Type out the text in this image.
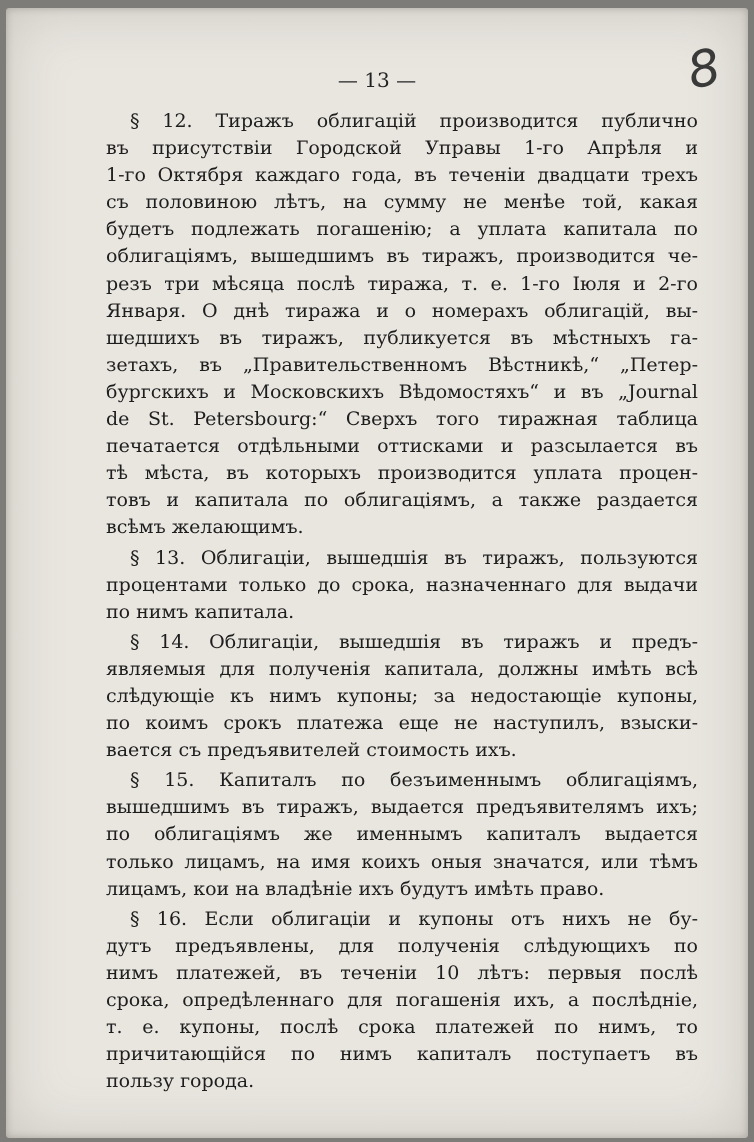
— 13 —	8
§ 12. Тиражъ облигацій производится публично
въ присутствіи Городской Управы 1-го Апрѣля и
1-го Октября каждаго года, въ теченіи двадцати трехъ
съ половиною лѣтъ, на сумму не менѣе той, какая
будетъ подлежать погашенію; а уплата капитала по
облигаціямъ, вышедшимъ въ тиражъ, производится че-
резъ три мѣсяца послѣ тиража, т. е. 1-го Іюля и 2-го
Января. О днѣ тиража и о номерахъ облигацій, вы-
шедшихъ въ тиражъ, публикуется въ мѣстныхъ га-
зетахъ, въ „Правительственномъ Вѣстникѣ,“ „Петер-
бургскихъ и Московскихъ Вѣдомостяхъ“ и въ „Journal
de St. Petersbourg:“ Сверхъ того тиражная таблица
печатается отдѣльными оттисками и разсылается въ
тѣ мѣста, въ которыхъ производится уплата процен-
товъ и капитала по облигаціямъ, а также раздается
всѣмъ желающимъ.
§ 13. Облигаціи, вышедшія въ тиражъ, пользуются
процентами только до срока, назначеннаго для выдачи
по нимъ капитала.
§ 14. Облигаціи, вышедшія въ тиражъ и предъ-
являемыя для полученія капитала, должны имѣть всѣ
слѣдующіе къ нимъ купоны; за недостающіе купоны,
по коимъ срокъ платежа еще не наступилъ, взыски-
вается съ предъявителей стоимость ихъ.
§ 15. Капиталъ по безъименнымъ облигаціямъ,
вышедшимъ въ тиражъ, выдается предъявителямъ ихъ;
по облигаціямъ же именнымъ капиталъ выдается
только лицамъ, на имя коихъ оныя значатся, или тѣмъ
лицамъ, кои на владѣніе ихъ будутъ имѣть право.
§ 16. Если облигаціи и купоны отъ нихъ не бу-
дутъ предъявлены, для полученія слѣдующихъ по
нимъ платежей, въ теченіи 10 лѣтъ: первыя послѣ
срока, опредѣленнаго для погашенія ихъ, а послѣдніе,
т. е. купоны, послѣ срока платежей по нимъ, то
причитающійся по нимъ капиталъ поступаетъ въ
пользу города.
